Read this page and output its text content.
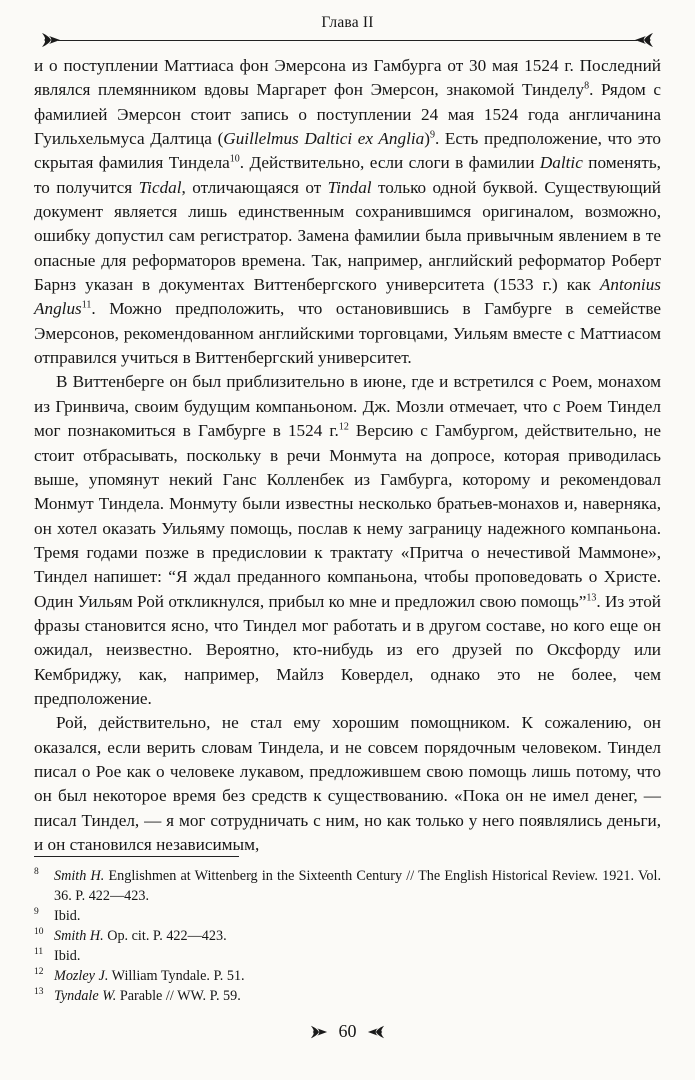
Глава II

и о поступлении Маттиаса фон Эмерсона из Гамбурга от 30 мая 1524 г. Последний являлся племянником вдовы Маргарет фон Эмерсон, знакомой Тинделу$^8$. Рядом с фамилией Эмерсон стоит запись о поступлении 24 мая 1524 года англичанина Гуильхельмуса Далтица (Guillelmus Daltici ex Anglia)$^9$. Есть предположение, что это скрытая фамилия Тиндела$^{10}$. Действительно, если слоги в фамилии Daltic поменять, то получится Ticdal, отличающаяся от Tindal только одной буквой. Существующий документ является лишь единственным сохранившимся оригиналом, возможно, ошибку допустил сам регистратор. Замена фамилии была привычным явлением в те опасные для реформаторов времена. Так, например, английский реформатор Роберт Барнз указан в документах Виттенбергского университета (1533 г.) как Antonius Anglus$^{11}$. Можно предположить, что остановившись в Гамбурге в семействе Эмерсонов, рекомендованном английскими торговцами, Уильям вместе с Маттиасом отправился учиться в Виттенбергский университет.

В Виттенберге он был приблизительно в июне, где и встретился с Роем, монахом из Гринвича, своим будущим компаньоном. Дж. Мозли отмечает, что с Роем Тиндел мог познакомиться в Гамбурге в 1524 г.$^{12}$ Версию с Гамбургом, действительно, не стоит отбрасывать, поскольку в речи Монмута на допросе, которая приводилась выше, упомянут некий Ганс Колленбек из Гамбурга, которому и рекомендовал Монмут Тиндела. Монмуту были известны несколько братьев-монахов и, наверняка, он хотел оказать Уильяму помощь, послав к нему заграницу надежного компаньона. Тремя годами позже в предисловии к трактату «Притча о нечестивой Маммоне», Тиндел напишет: “Я ждал преданного компаньона, чтобы проповедовать о Христе. Один Уильям Рой откликнулся, прибыл ко мне и предложил свою помощь”$^{13}$. Из этой фразы становится ясно, что Тиндел мог работать и в другом составе, но кого еще он ожидал, неизвестно. Вероятно, кто-нибудь из его друзей по Оксфорду или Кембриджу, как, например, Майлз Ковердел, однако это не более, чем предположение.

Рой, действительно, не стал ему хорошим помощником. К сожалению, он оказался, если верить словам Тиндела, и не совсем порядочным человеком. Тиндел писал о Рое как о человеке лукавом, предложившем свою помощь лишь потому, что он был некоторое время без средств к существованию. «Пока он не имел денег, — писал Тиндел, — я мог сотрудничать с ним, но как только у него появлялись деньги, и он становился независимым,

8 Smith H. Englishmen at Wittenberg in the Sixteenth Century // The English Historical Review. 1921. Vol. 36. P. 422—423.

9 Ibid.

10 Smith H. Op. cit. P. 422—423.

11 Ibid.

12 Mozley J. William Tyndale. P. 51.

13 Tyndale W. Parable // WW. P. 59.

60
